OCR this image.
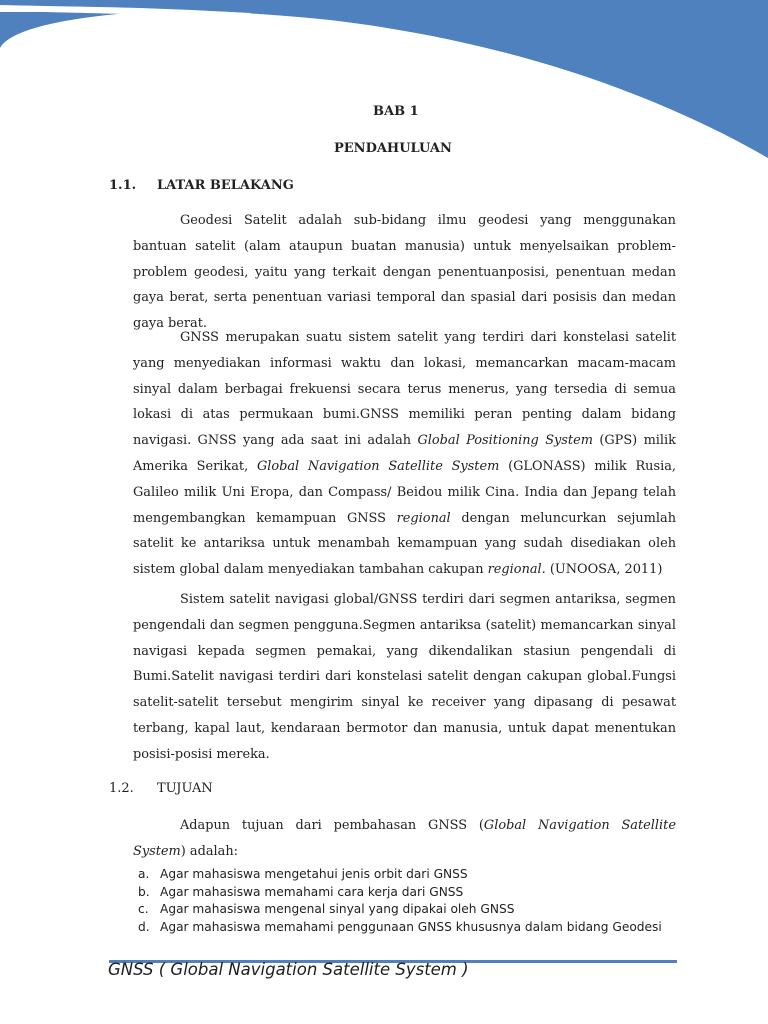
BAB 1
PENDAHULUAN
1.1. LATAR BELAKANG

Geodesi Satelit adalah sub-bidang ilmu geodesi yang menggunakan bantuan satelit (alam ataupun buatan manusia) untuk menyelsaikan problem-problem geodesi, yaitu yang terkait dengan penentuanposisi, penentuan medan gaya berat, serta penentuan variasi temporal dan spasial dari posisis dan medan gaya berat.

GNSS merupakan suatu sistem satelit yang terdiri dari konstelasi satelit yang menyediakan informasi waktu dan lokasi, memancarkan macam-macam sinyal dalam berbagai frekuensi secara terus menerus, yang tersedia di semua lokasi di atas permukaan bumi.GNSS memiliki peran penting dalam bidang navigasi. GNSS yang ada saat ini adalah Global Positioning System (GPS) milik Amerika Serikat, Global Navigation Satellite System (GLONASS) milik Rusia, Galileo milik Uni Eropa, dan Compass/ Beidou milik Cina. India dan Jepang telah mengembangkan kemampuan GNSS regional dengan meluncurkan sejumlah satelit ke antariksa untuk menambah kemampuan yang sudah disediakan oleh sistem global dalam menyediakan tambahan cakupan regional. (UNOOSA, 2011)

Sistem satelit navigasi global/GNSS terdiri dari segmen antariksa, segmen pengendali dan segmen pengguna.Segmen antariksa (satelit) memancarkan sinyal navigasi kepada segmen pemakai, yang dikendalikan stasiun pengendali di Bumi.Satelit navigasi terdiri dari konstelasi satelit dengan cakupan global.Fungsi satelit-satelit tersebut mengirim sinyal ke receiver yang dipasang di pesawat terbang, kapal laut, kendaraan bermotor dan manusia, untuk dapat menentukan posisi-posisi mereka.

1.2. TUJUAN

Adapun tujuan dari pembahasan GNSS (Global Navigation Satellite System) adalah:

a. Agar mahasiswa mengetahui jenis orbit dari GNSS
b. Agar mahasiswa memahami cara kerja dari GNSS
c. Agar mahasiswa mengenal sinyal yang dipakai oleh GNSS
d. Agar mahasiswa memahami penggunaan GNSS khususnya dalam bidang Geodesi
GNSS ( Global Navigation Satellite System )
